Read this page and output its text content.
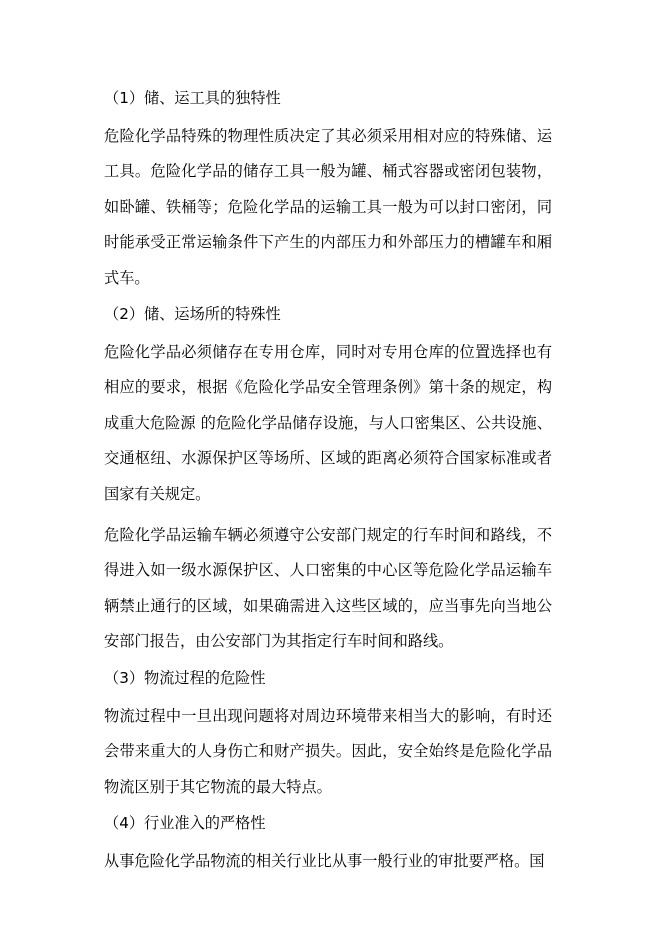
（1）储、运工具的独特性

危险化学品特殊的物理性质决定了其必须采用相对应的特殊储、运工具。危险化学品的储存工具一般为罐、桶式容器或密闭包装物，如卧罐、铁桶等；危险化学品的运输工具一般为可以封口密闭，同时能承受正常运输条件下产生的内部压力和外部压力的槽罐车和厢式车。

（2）储、运场所的特殊性

危险化学品必须储存在专用仓库，同时对专用仓库的位置选择也有相应的要求，根据《危险化学品安全管理条例》第十条的规定，构成重大危险源 的危险化学品储存设施，与人口密集区、公共设施、交通枢纽、水源保护区等场所、区域的距离必须符合国家标准或者国家有关规定。

危险化学品运输车辆必须遵守公安部门规定的行车时间和路线，不得进入如一级水源保护区、人口密集的中心区等危险化学品运输车辆禁止通行的区域，如果确需进入这些区域的，应当事先向当地公安部门报告，由公安部门为其指定行车时间和路线。

（3）物流过程的危险性

物流过程中一旦出现问题将对周边环境带来相当大的影响，有时还会带来重大的人身伤亡和财产损失。因此，安全始终是危险化学品物流区别于其它物流的最大特点。

（4）行业准入的严格性

从事危险化学品物流的相关行业比从事一般行业的审批要严格。国
